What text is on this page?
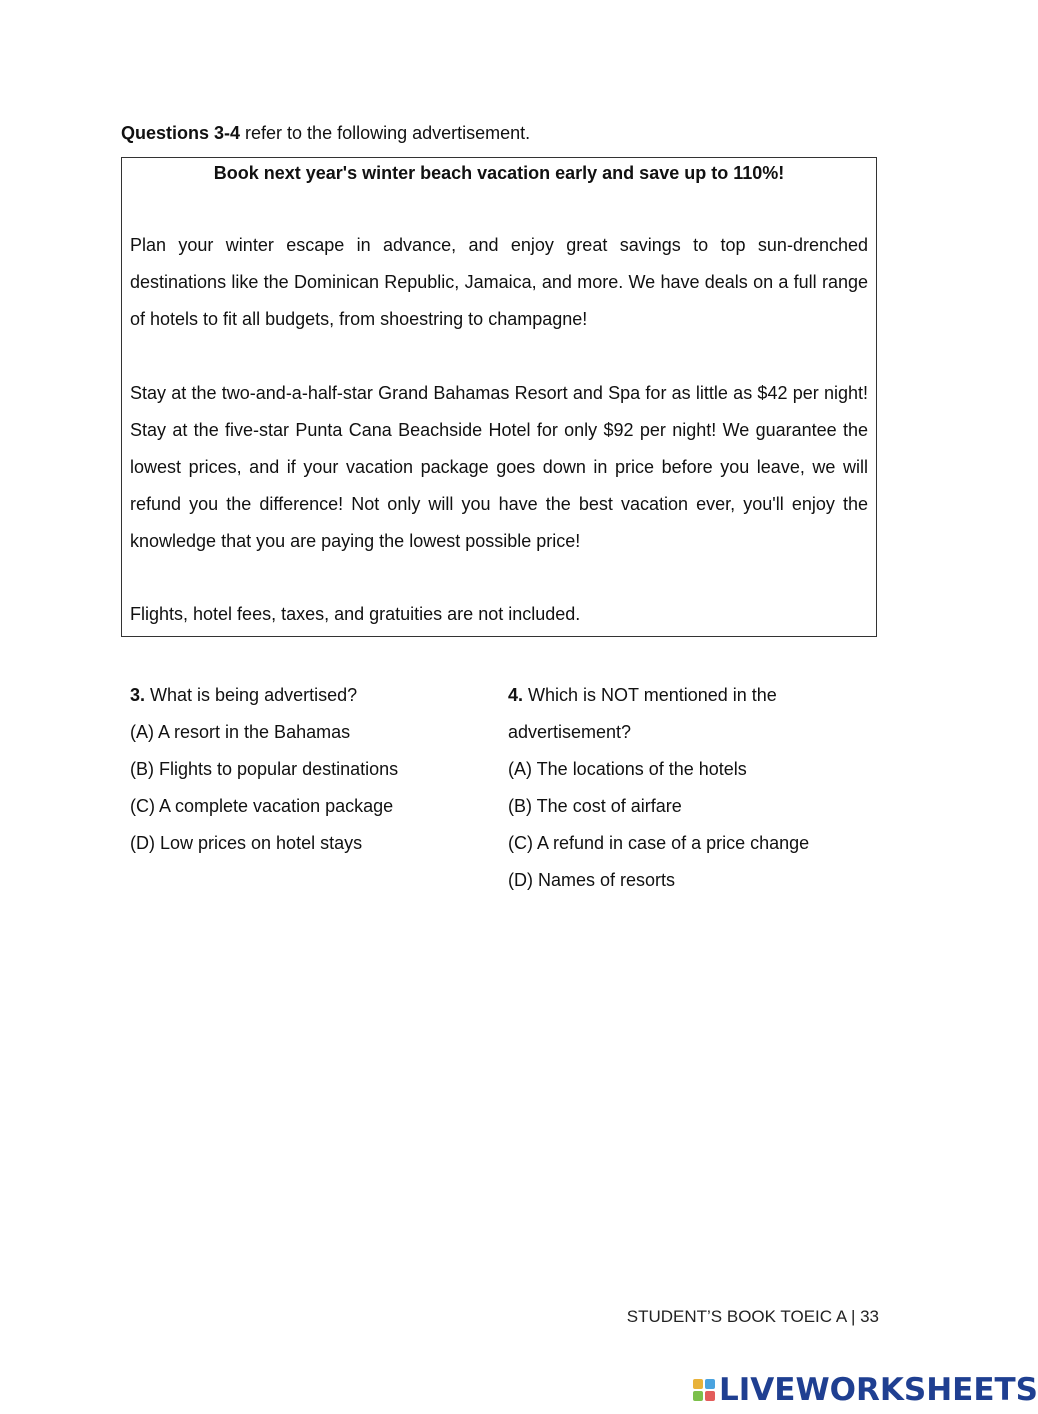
Questions 3-4 refer to the following advertisement.
Book next year's winter beach vacation early and save up to 110%!

Plan your winter escape in advance, and enjoy great savings to top sun-drenched destinations like the Dominican Republic, Jamaica, and more. We have deals on a full range of hotels to fit all budgets, from shoestring to champagne!

Stay at the two-and-a-half-star Grand Bahamas Resort and Spa for as little as $42 per night! Stay at the five-star Punta Cana Beachside Hotel for only $92 per night! We guarantee the lowest prices, and if your vacation package goes down in price before you leave, we will refund you the difference! Not only will you have the best vacation ever, you'll enjoy the knowledge that you are paying the lowest possible price!

Flights, hotel fees, taxes, and gratuities are not included.

3. What is being advertised?
(A) A resort in the Bahamas
(B) Flights to popular destinations
(C) A complete vacation package
(D) Low prices on hotel stays
4. Which is NOT mentioned in the
advertisement?
(A) The locations of the hotels
(B) The cost of airfare
(C) A refund in case of a price change
(D) Names of resorts
STUDENT’S BOOK TOEIC A | 33
LIVEWORKSHEETS
